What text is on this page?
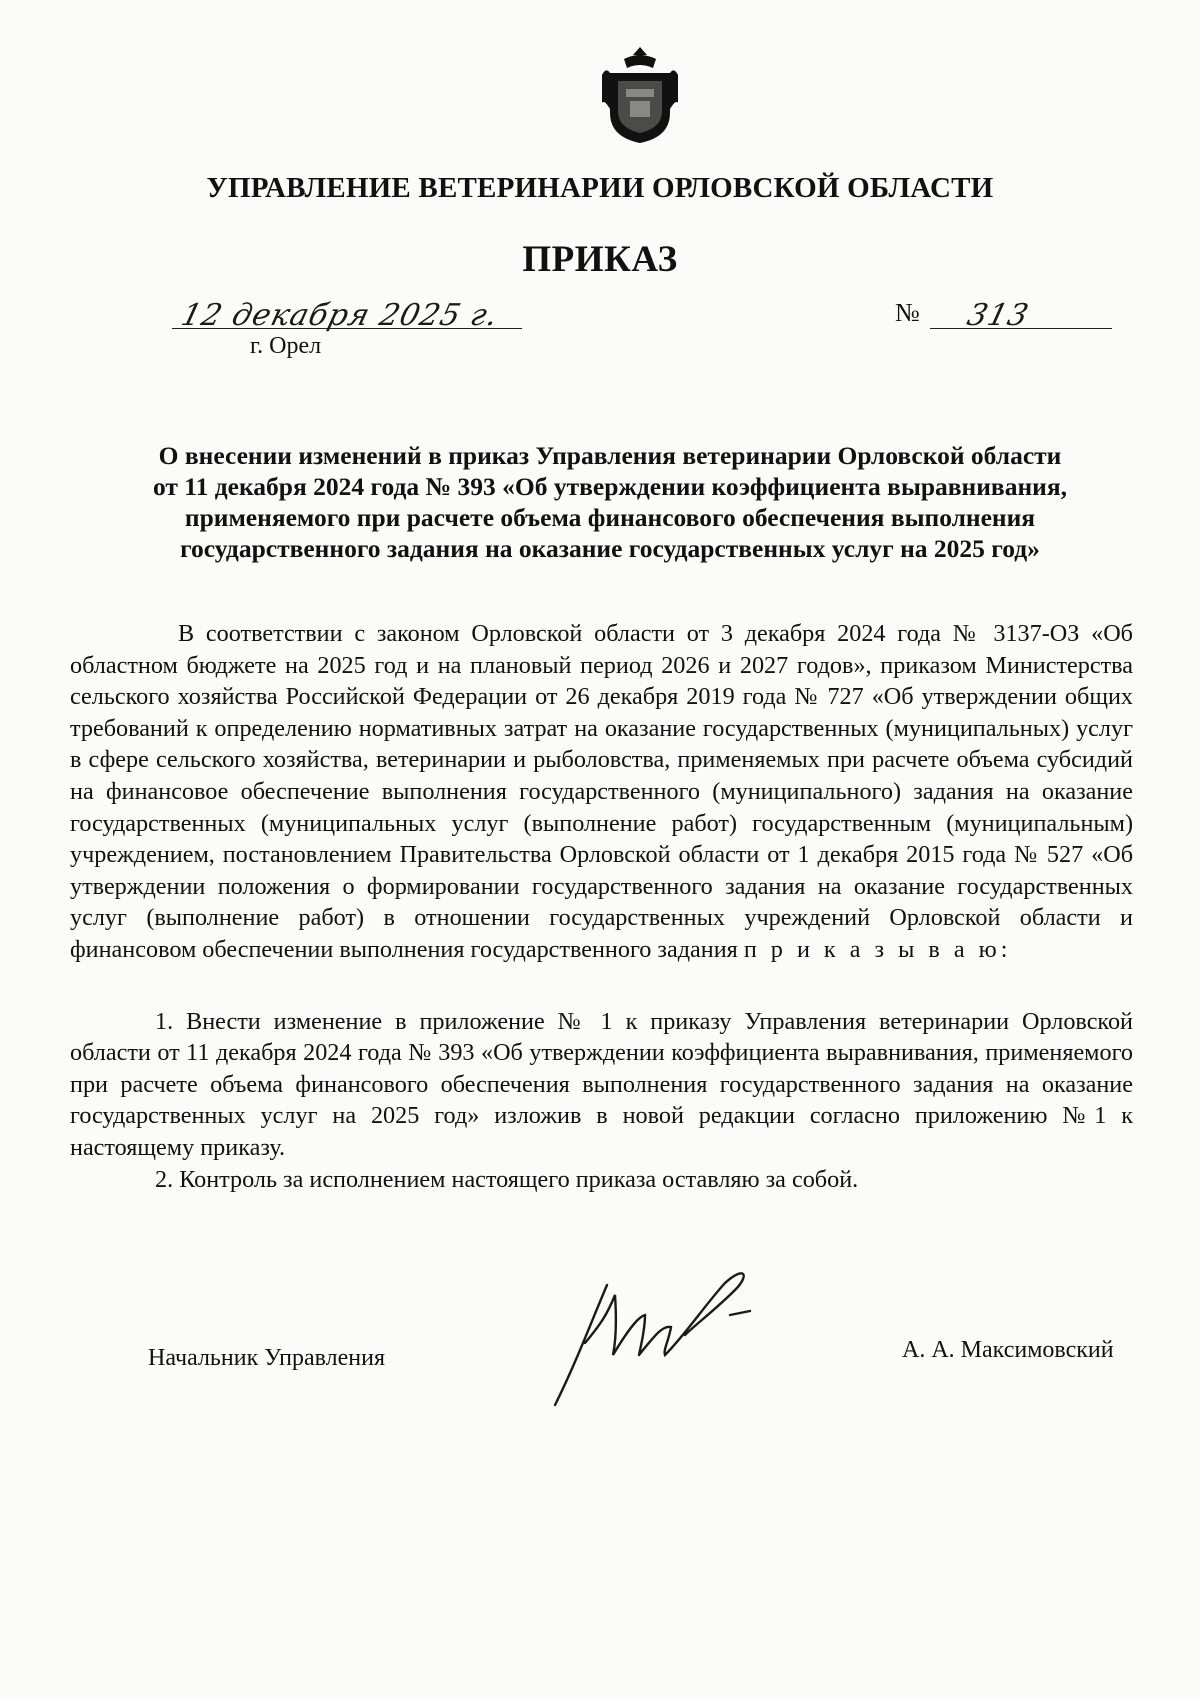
УПРАВЛЕНИЕ ВЕТЕРИНАРИИ ОРЛОВСКОЙ ОБЛАСТИ
ПРИКАЗ
12 декабря 2025 г.
г. Орел
№ 313
О внесении изменений в приказ Управления ветеринарии Орловской области от 11 декабря 2024 года № 393 «Об утверждении коэффициента выравнивания, применяемого при расчете объема финансового обеспечения выполнения государственного задания на оказание государственных услуг на 2025 год»

В соответствии с законом Орловской области от 3 декабря 2024 года № 3137-ОЗ «Об областном бюджете на 2025 год и на плановый период 2026 и 2027 годов», приказом Министерства сельского хозяйства Российской Федерации от 26 декабря 2019 года № 727 «Об утверждении общих требований к определению нормативных затрат на оказание государственных (муниципальных) услуг в сфере сельского хозяйства, ветеринарии и рыболовства, применяемых при расчете объема субсидий на финансовое обеспечение выполнения государственного (муниципального) задания на оказание государственных (муниципальных услуг (выполнение работ) государственным (муниципальным) учреждением, постановлением Правительства Орловской области от 1 декабря 2015 года № 527 «Об утверждении положения о формировании государственного задания на оказание государственных услуг (выполнение работ) в отношении государственных учреждений Орловской области и финансовом обеспечении выполнения государственного задания п р и к а з ы в а ю:

1. Внести изменение в приложение № 1 к приказу Управления ветеринарии Орловской области от 11 декабря 2024 года № 393 «Об утверждении коэффициента выравнивания, применяемого при расчете объема финансового обеспечения выполнения государственного задания на оказание государственных услуг на 2025 год» изложив в новой редакции согласно приложению №1 к настоящему приказу.

2. Контроль за исполнением настоящего приказа оставляю за собой.

Начальник Управления	А. А. Максимовский
